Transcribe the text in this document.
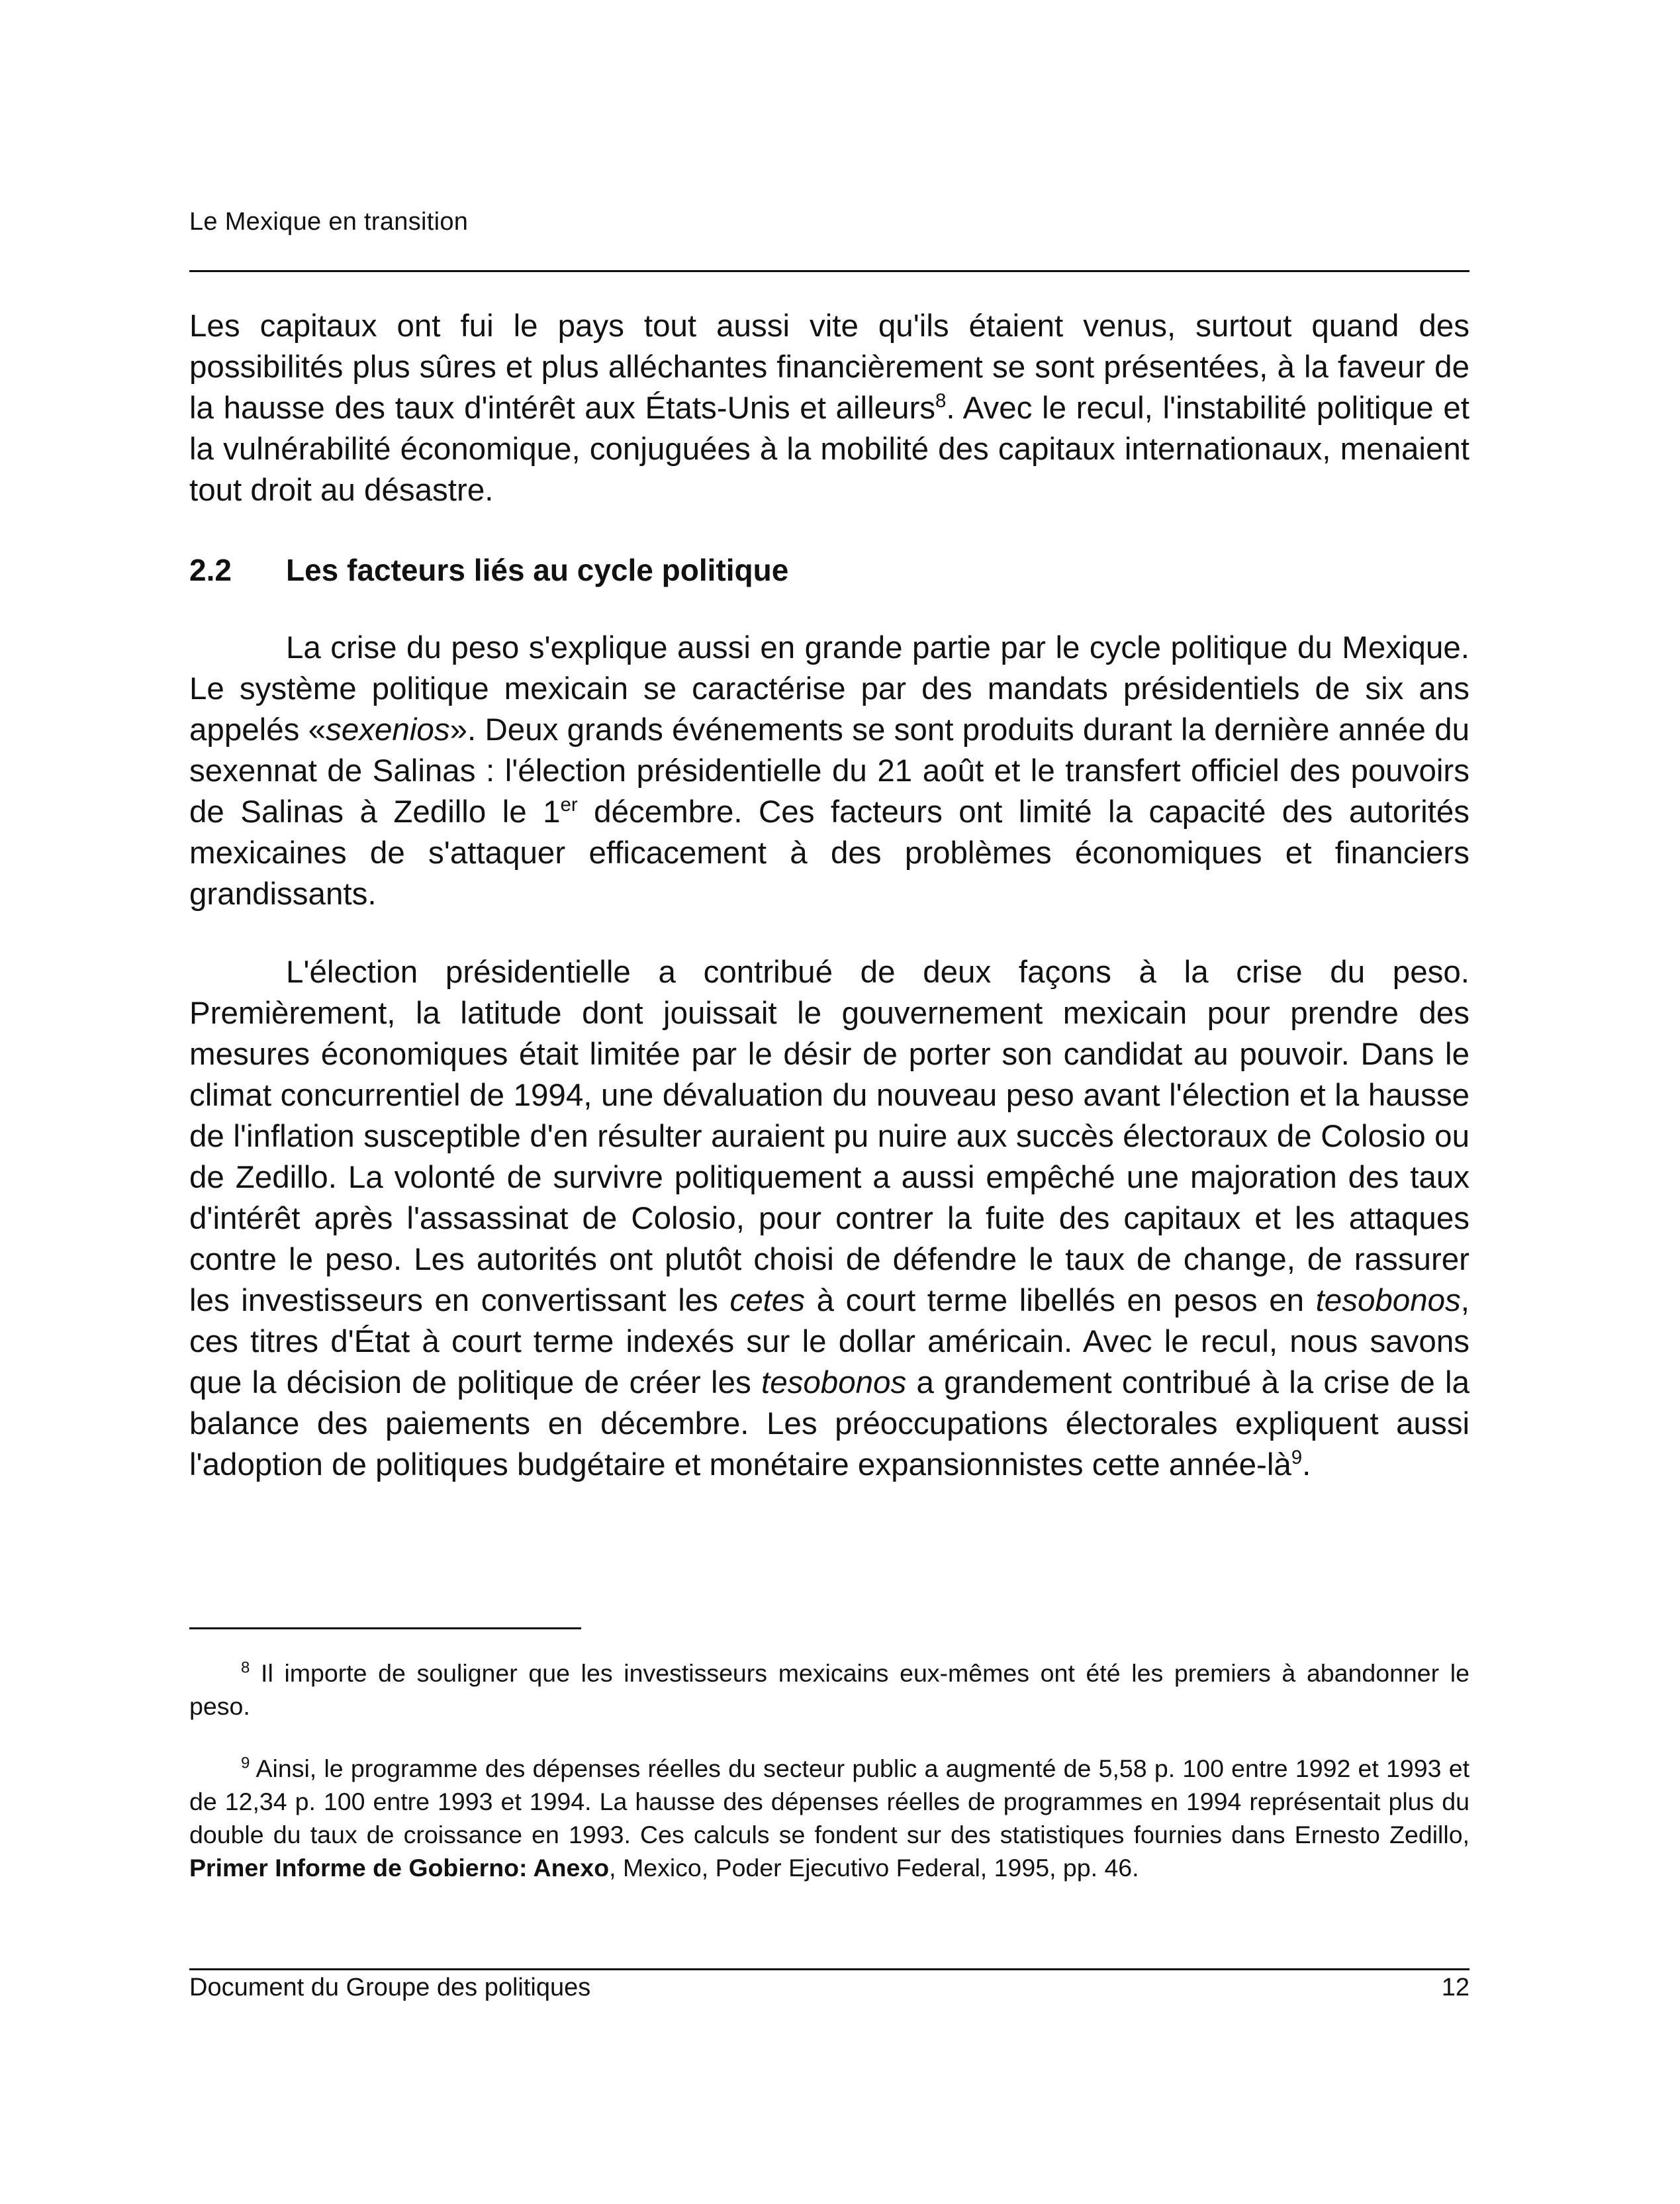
Le Mexique en transition

Les capitaux ont fui le pays tout aussi vite qu'ils étaient venus, surtout quand des possibilités plus sûres et plus alléchantes financièrement se sont présentées, à la faveur de la hausse des taux d'intérêt aux États-Unis et ailleurs$^8$. Avec le recul, l'instabilité politique et la vulnérabilité économique, conjuguées à la mobilité des capitaux internationaux, menaient tout droit au désastre.

2.2	Les facteurs liés au cycle politique

La crise du peso s'explique aussi en grande partie par le cycle politique du Mexique. Le système politique mexicain se caractérise par des mandats présidentiels de six ans appelés «sexenios». Deux grands événements se sont produits durant la dernière année du sexennat de Salinas : l'élection présidentielle du 21 août et le transfert officiel des pouvoirs de Salinas à Zedillo le 1er décembre. Ces facteurs ont limité la capacité des autorités mexicaines de s'attaquer efficacement à des problèmes économiques et financiers grandissants.

L'élection présidentielle a contribué de deux façons à la crise du peso. Premièrement, la latitude dont jouissait le gouvernement mexicain pour prendre des mesures économiques était limitée par le désir de porter son candidat au pouvoir. Dans le climat concurrentiel de 1994, une dévaluation du nouveau peso avant l'élection et la hausse de l'inflation susceptible d'en résulter auraient pu nuire aux succès électoraux de Colosio ou de Zedillo. La volonté de survivre politiquement a aussi empêché une majoration des taux d'intérêt après l'assassinat de Colosio, pour contrer la fuite des capitaux et les attaques contre le peso. Les autorités ont plutôt choisi de défendre le taux de change, de rassurer les investisseurs en convertissant les cetes à court terme libellés en pesos en tesobonos, ces titres d'État à court terme indexés sur le dollar américain. Avec le recul, nous savons que la décision de politique de créer les tesobonos a grandement contribué à la crise de la balance des paiements en décembre. Les préoccupations électorales expliquent aussi l'adoption de politiques budgétaire et monétaire expansionnistes cette année-là$^9$.

$^8$ Il importe de souligner que les investisseurs mexicains eux-mêmes ont été les premiers à abandonner le peso.

$^9$ Ainsi, le programme des dépenses réelles du secteur public a augmenté de 5,58 p. 100 entre 1992 et 1993 et de 12,34 p. 100 entre 1993 et 1994. La hausse des dépenses réelles de programmes en 1994 représentait plus du double du taux de croissance en 1993. Ces calculs se fondent sur des statistiques fournies dans Ernesto Zedillo, Primer Informe de Gobierno: Anexo, Mexico, Poder Ejecutivo Federal, 1995, pp. 46.

Document du Groupe des politiques	12
